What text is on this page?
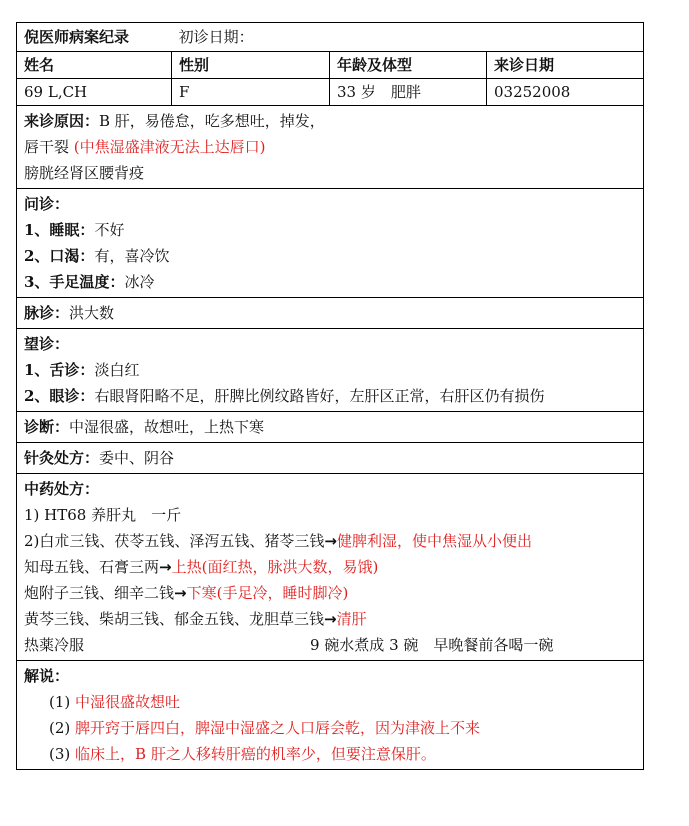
倪医师病案纪录	初诊日期：
姓名	性别	年龄及体型	来诊日期
69 L,CH	F	33 岁　肥胖	03252008
来诊原因：B 肝，易倦怠，吃多想吐，掉发，
唇干裂 (中焦湿盛津液无法上达唇口)
膀胱经肾区腰背疫
问诊：
1、睡眠：不好
2、口渴：有，喜冷饮
3、手足温度：冰冷
脉诊：洪大数
望诊：
1、舌诊：淡白红
2、眼诊：右眼肾阳略不足，肝脾比例纹路皆好，左肝区正常，右肝区仍有损伤
诊断：中湿很盛，故想吐，上热下寒
针灸处方：委中、阴谷
中药处方：
1) HT68 养肝丸　一斤
2)白朮三钱、茯苓五钱、泽泻五钱、猪苓三钱→健脾利湿，使中焦湿从小便出
知母五钱、石膏三两→上热(面红热，脉洪大数，易饿)
炮附子三钱、细辛二钱→下寒(手足冷，睡时脚冷)
黄芩三钱、柴胡三钱、郁金五钱、龙胆草三钱→清肝
热薬冷服	9 碗水煮成 3 碗　早晚餐前各喝一碗
解说：
(1) 中湿很盛故想吐
(2) 脾开窍于唇四白，脾湿中湿盛之人口唇会乾，因为津液上不来
(3) 临床上，B 肝之人移转肝癌的机率少，但要注意保肝。
